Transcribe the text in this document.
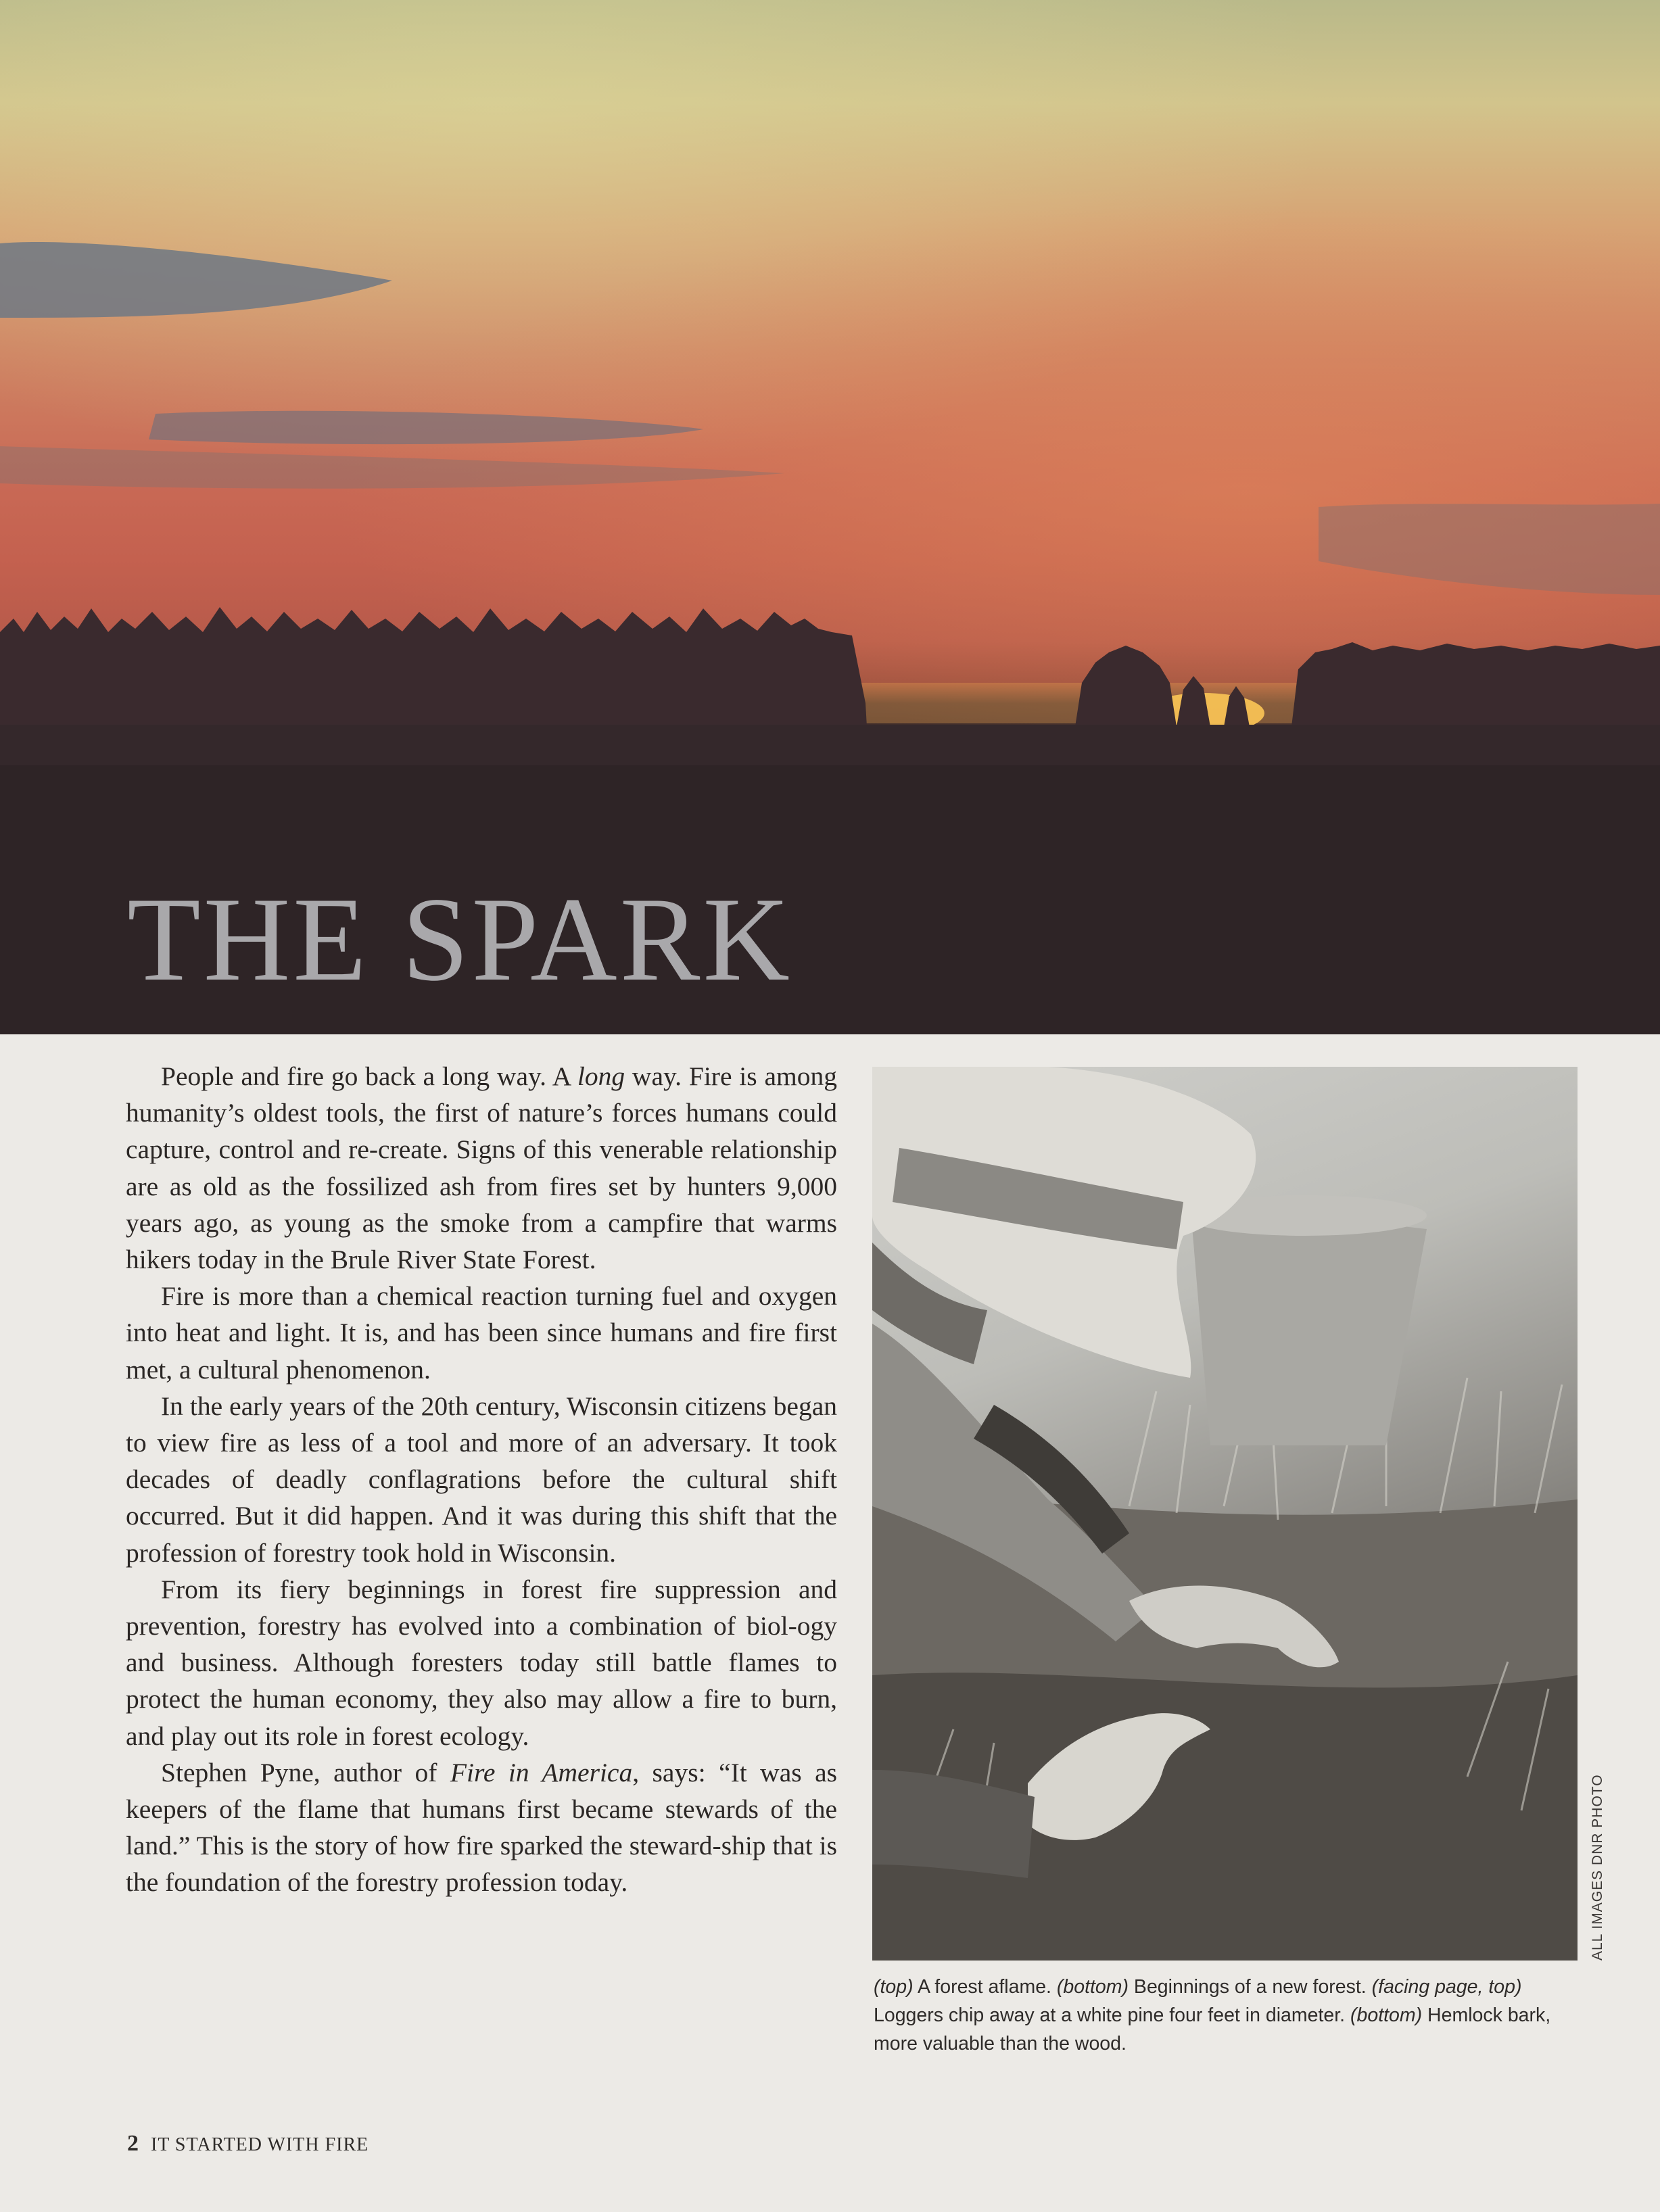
THE SPARK

People and fire go back a long way. A long way. Fire is among humanity’s oldest tools, the first of nature’s forces humans could capture, control and re-create. Signs of this venerable relationship are as old as the fossilized ash from fires set by hunters 9,000 years ago, as young as the smoke from a campfire that warms hikers today in the Brule River State Forest.

Fire is more than a chemical reaction turning fuel and oxygen into heat and light. It is, and has been since humans and fire first met, a cultural phenomenon.

In the early years of the 20th century, Wisconsin citizens began to view fire as less of a tool and more of an adversary. It took decades of deadly conflagrations before the cultural shift occurred. But it did happen. And it was during this shift that the profession of forestry took hold in Wisconsin.

From its fiery beginnings in forest fire suppression and prevention, forestry has evolved into a combination of biol-ogy and business. Although foresters today still battle flames to protect the human economy, they also may allow a fire to burn, and play out its role in forest ecology.

Stephen Pyne, author of Fire in America, says: “It was as keepers of the flame that humans first became stewards of the land.” This is the story of how fire sparked the steward-ship that is the foundation of the forestry profession today.	ALL IMAGES DNR PHOTO
(top) A forest aflame. (bottom) Beginnings of a new forest. (facing page, top) Loggers chip away at a white pine four feet in diameter. (bottom) Hemlock bark, more valuable than the wood.
2 IT STARTED WITH FIRE
